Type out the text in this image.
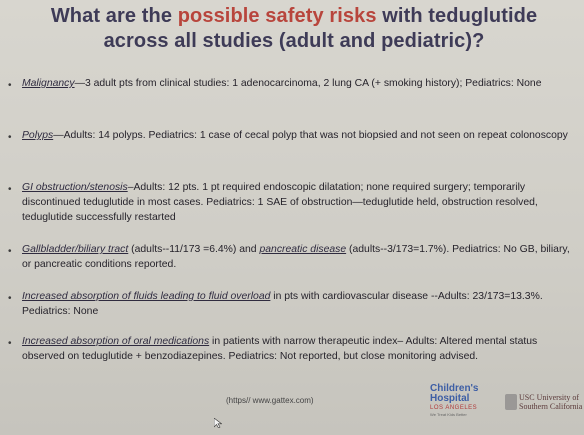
What are the possible safety risks with teduglutide across all studies (adult and pediatric)?
• Malignancy—3 adult pts from clinical studies: 1 adenocarcinoma, 2 lung CA (+ smoking history); Pediatrics: None
• Polyps—Adults: 14 polyps. Pediatrics: 1 case of cecal polyp that was not biopsied and not seen on repeat colonoscopy
• GI obstruction/stenosis–Adults: 12 pts. 1 pt required endoscopic dilatation; none required surgery; temporarily discontinued teduglutide in most cases. Pediatrics: 1 SAE of obstruction—teduglutide held, obstruction resolved, teduglutide successfully restarted
• Gallbladder/biliary tract (adults--11/173 =6.4%) and pancreatic disease (adults--3/173=1.7%). Pediatrics: No GB, biliary, or pancreatic conditions reported.
• Increased absorption of fluids leading to fluid overload in pts with cardiovascular disease --Adults: 23/173=13.3%. Pediatrics: None
• Increased absorption of oral medications in patients with narrow therapeutic index– Adults: Altered mental status observed on teduglutide + benzodiazepines. Pediatrics: Not reported, but close monitoring advised.
(https// www.gattex.com)
Children's
Hospital
LOS ANGELES
We Treat Kids Better
USC University of
Southern California
